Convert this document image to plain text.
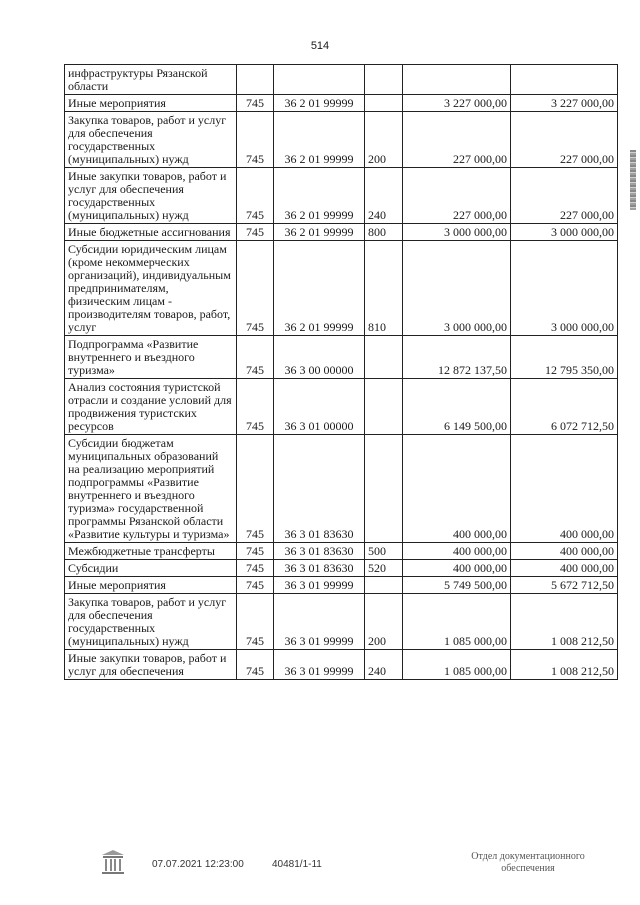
514
инфраструктуры Рязанской области					
Иные мероприятия	745	36 2 01 99999		3 227 000,00	3 227 000,00
Закупка товаров, работ и услуг для обеспечения государственных (муниципальных) нужд	745	36 2 01 99999	200	227 000,00	227 000,00
Иные закупки товаров, работ и услуг для обеспечения государственных (муниципальных) нужд	745	36 2 01 99999	240	227 000,00	227 000,00
Иные бюджетные ассигнования	745	36 2 01 99999	800	3 000 000,00	3 000 000,00
Субсидии юридическим лицам (кроме некоммерческих организаций), индивидуальным предпринимателям, физическим лицам - производителям товаров, работ, услуг	745	36 2 01 99999	810	3 000 000,00	3 000 000,00
Подпрограмма «Развитие внутреннего и въездного туризма»	745	36 3 00 00000		12 872 137,50	12 795 350,00
Анализ состояния туристской отрасли и создание условий для продвижения туристских ресурсов	745	36 3 01 00000		6 149 500,00	6 072 712,50
Субсидии бюджетам муниципальных образований на реализацию мероприятий подпрограммы «Развитие внутреннего и въездного туризма» государственной программы Рязанской области «Развитие культуры и туризма»	745	36 3 01 83630		400 000,00	400 000,00
Межбюджетные трансферты	745	36 3 01 83630	500	400 000,00	400 000,00
Субсидии	745	36 3 01 83630	520	400 000,00	400 000,00
Иные мероприятия	745	36 3 01 99999		5 749 500,00	5 672 712,50
Закупка товаров, работ и услуг для обеспечения государственных (муниципальных) нужд	745	36 3 01 99999	200	1 085 000,00	1 008 212,50
Иные закупки товаров, работ и услуг для обеспечения	745	36 3 01 99999	240	1 085 000,00	1 008 212,50
07.07.2021 12:23:00	40481/1-11
Отдел документационного
обеспечения
